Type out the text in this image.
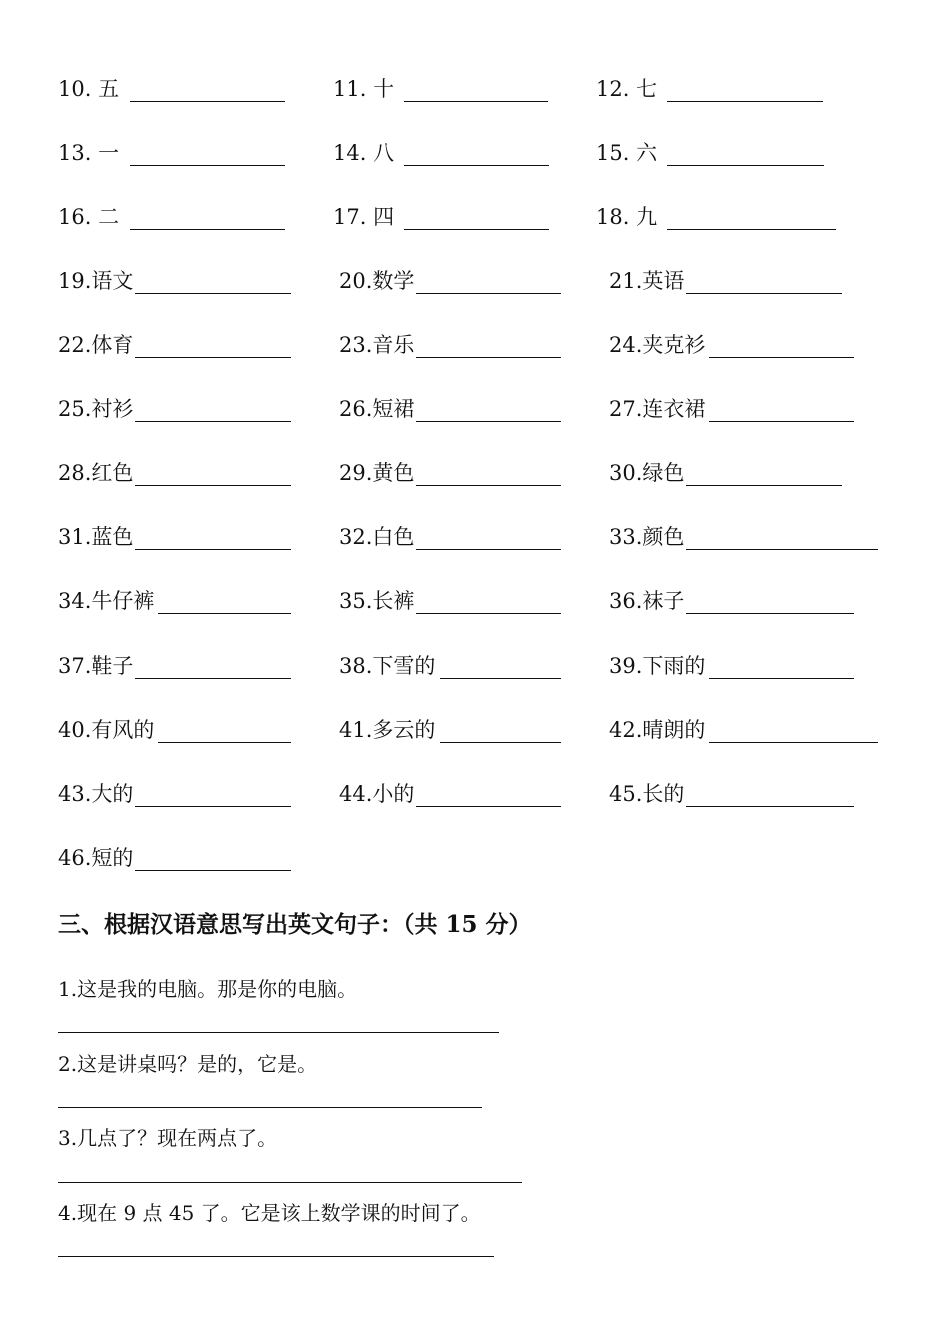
10. 五	11. 十	12. 七
13. 一	14. 八	15. 六
16. 二	17. 四	18. 九
19.语文	20.数学	21.英语
22.体育	23.音乐	24.夹克衫
25.衬衫	26.短裙	27.连衣裙
28.红色	29.黄色	30.绿色
31.蓝色	32.白色	33.颜色
34.牛仔裤	35.长裤	36.袜子
37.鞋子	38.下雪的	39.下雨的
40.有风的	41.多云的	42.晴朗的
43.大的	44.小的	45.长的
46.短的
三、根据汉语意思写出英文句子：（共 15 分）
1.这是我的电脑。那是你的电脑。
2.这是讲桌吗？是的，它是。
3.几点了？现在两点了。
4.现在 9 点 45 了。它是该上数学课的时间了。
